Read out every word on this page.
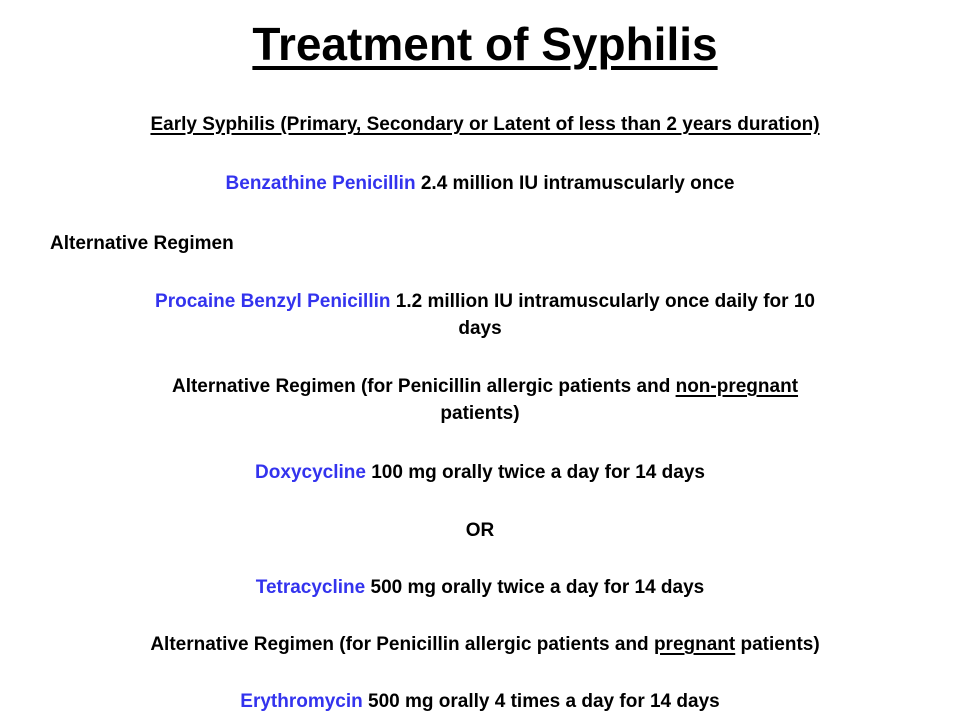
Treatment of Syphilis
Early Syphilis (Primary, Secondary or Latent of less than 2 years duration)
Benzathine Penicillin 2.4 million IU intramuscularly once
Alternative Regimen
Procaine Benzyl Penicillin 1.2 million IU intramuscularly once daily for 10
days
Alternative Regimen (for Penicillin allergic patients and non-pregnant
patients)
Doxycycline 100 mg orally twice a day for 14 days
OR
Tetracycline 500 mg orally twice a day for 14 days
Alternative Regimen (for Penicillin allergic patients and pregnant patients)
Erythromycin 500 mg orally 4 times a day for 14 days
